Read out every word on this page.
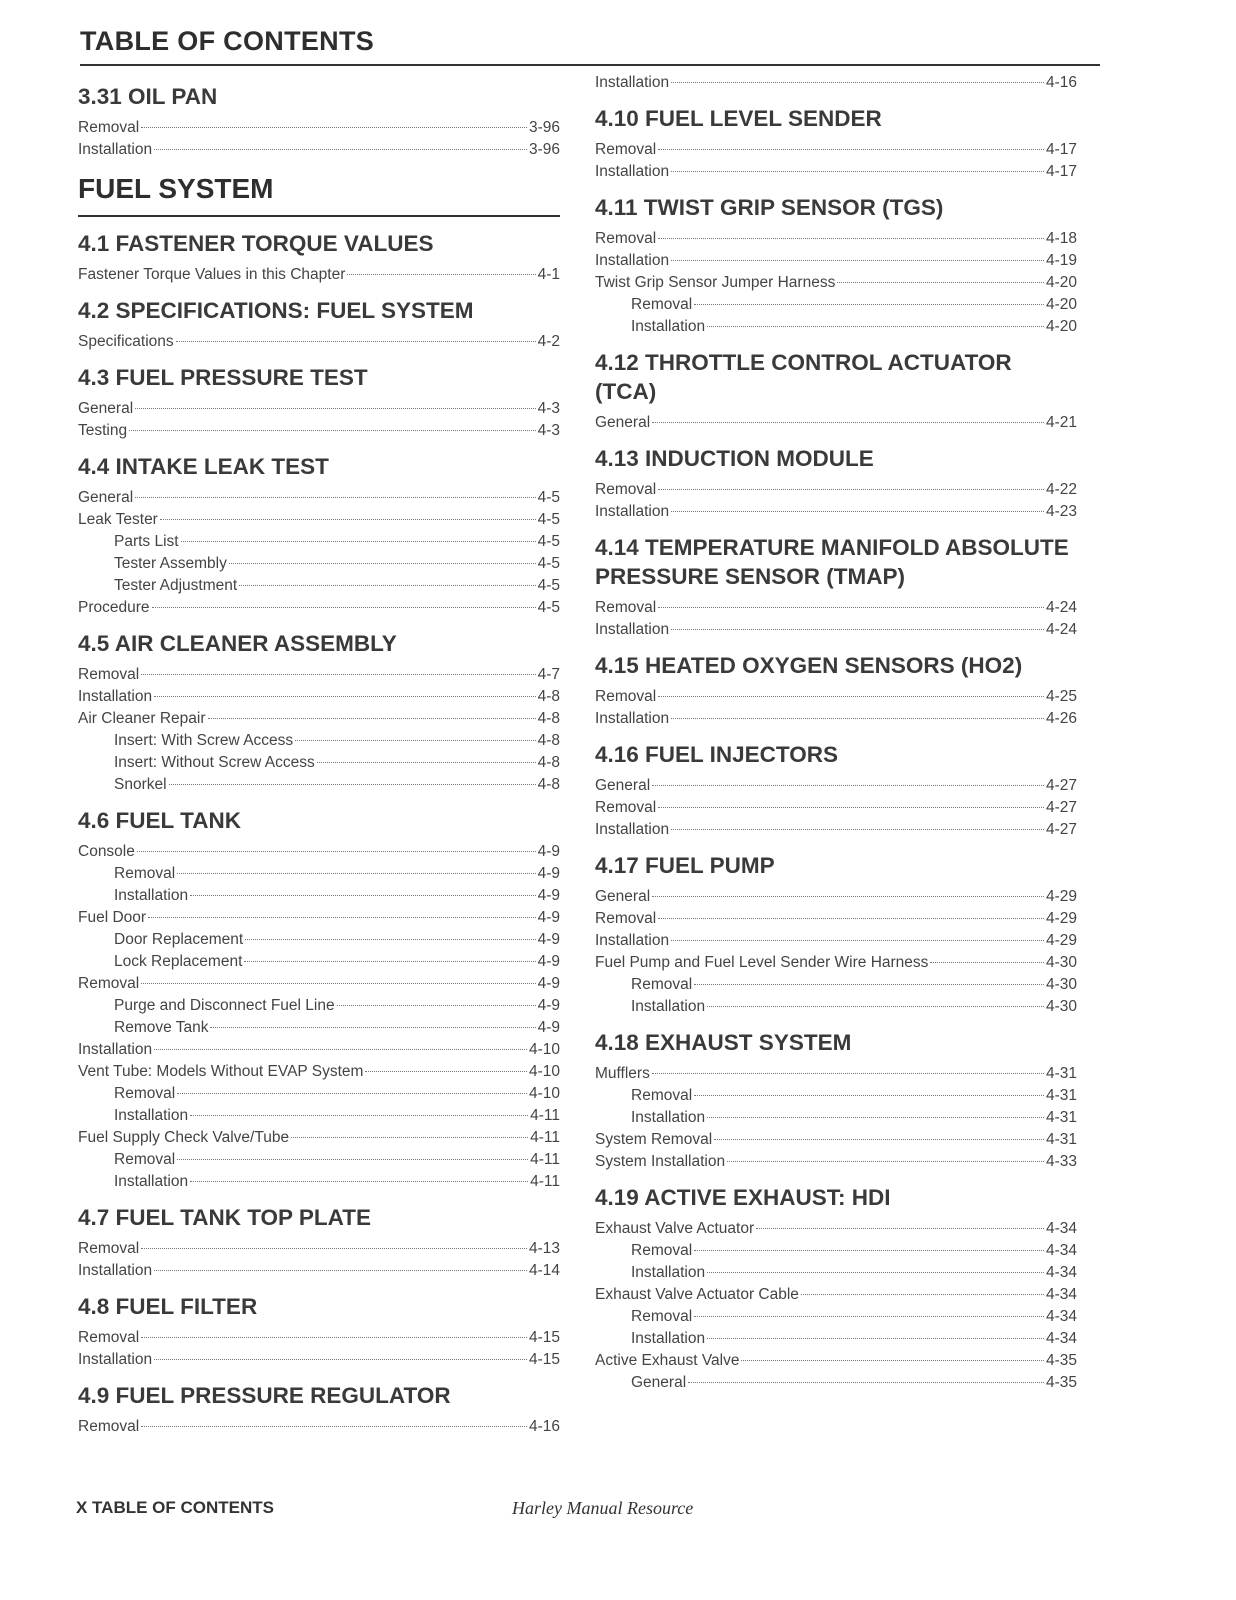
TABLE OF CONTENTS
3.31 OIL PAN
Removal	3-96
Installation	3-96
FUEL SYSTEM
4.1 FASTENER TORQUE VALUES
Fastener Torque Values in this Chapter	4-1
4.2 SPECIFICATIONS: FUEL SYSTEM
Specifications	4-2
4.3 FUEL PRESSURE TEST
General	4-3
Testing	4-3
4.4 INTAKE LEAK TEST
General	4-5
Leak Tester	4-5
Parts List	4-5
Tester Assembly	4-5
Tester Adjustment	4-5
Procedure	4-5
4.5 AIR CLEANER ASSEMBLY
Removal	4-7
Installation	4-8
Air Cleaner Repair	4-8
Insert: With Screw Access	4-8
Insert: Without Screw Access	4-8
Snorkel	4-8
4.6 FUEL TANK
Console	4-9
Removal	4-9
Installation	4-9
Fuel Door	4-9
Door Replacement	4-9
Lock Replacement	4-9
Removal	4-9
Purge and Disconnect Fuel Line	4-9
Remove Tank	4-9
Installation	4-10
Vent Tube: Models Without EVAP System	4-10
Removal	4-10
Installation	4-11
Fuel Supply Check Valve/Tube	4-11
Removal	4-11
Installation	4-11
4.7 FUEL TANK TOP PLATE
Removal	4-13
Installation	4-14
4.8 FUEL FILTER
Removal	4-15
Installation	4-15
4.9 FUEL PRESSURE REGULATOR
Removal	4-16
Installation	4-16
4.10 FUEL LEVEL SENDER
Removal	4-17
Installation	4-17
4.11 TWIST GRIP SENSOR (TGS)
Removal	4-18
Installation	4-19
Twist Grip Sensor Jumper Harness	4-20
Removal	4-20
Installation	4-20
4.12 THROTTLE CONTROL ACTUATOR (TCA)
General	4-21
4.13 INDUCTION MODULE
Removal	4-22
Installation	4-23
4.14 TEMPERATURE MANIFOLD ABSOLUTE PRESSURE SENSOR (TMAP)
Removal	4-24
Installation	4-24
4.15 HEATED OXYGEN SENSORS (HO2)
Removal	4-25
Installation	4-26
4.16 FUEL INJECTORS
General	4-27
Removal	4-27
Installation	4-27
4.17 FUEL PUMP
General	4-29
Removal	4-29
Installation	4-29
Fuel Pump and Fuel Level Sender Wire Harness	4-30
Removal	4-30
Installation	4-30
4.18 EXHAUST SYSTEM
Mufflers	4-31
Removal	4-31
Installation	4-31
System Removal	4-31
System Installation	4-33
4.19 ACTIVE EXHAUST: HDI
Exhaust Valve Actuator	4-34
Removal	4-34
Installation	4-34
Exhaust Valve Actuator Cable	4-34
Removal	4-34
Installation	4-34
Active Exhaust Valve	4-35
General	4-35
X TABLE OF CONTENTS	Harley Manual Resource
